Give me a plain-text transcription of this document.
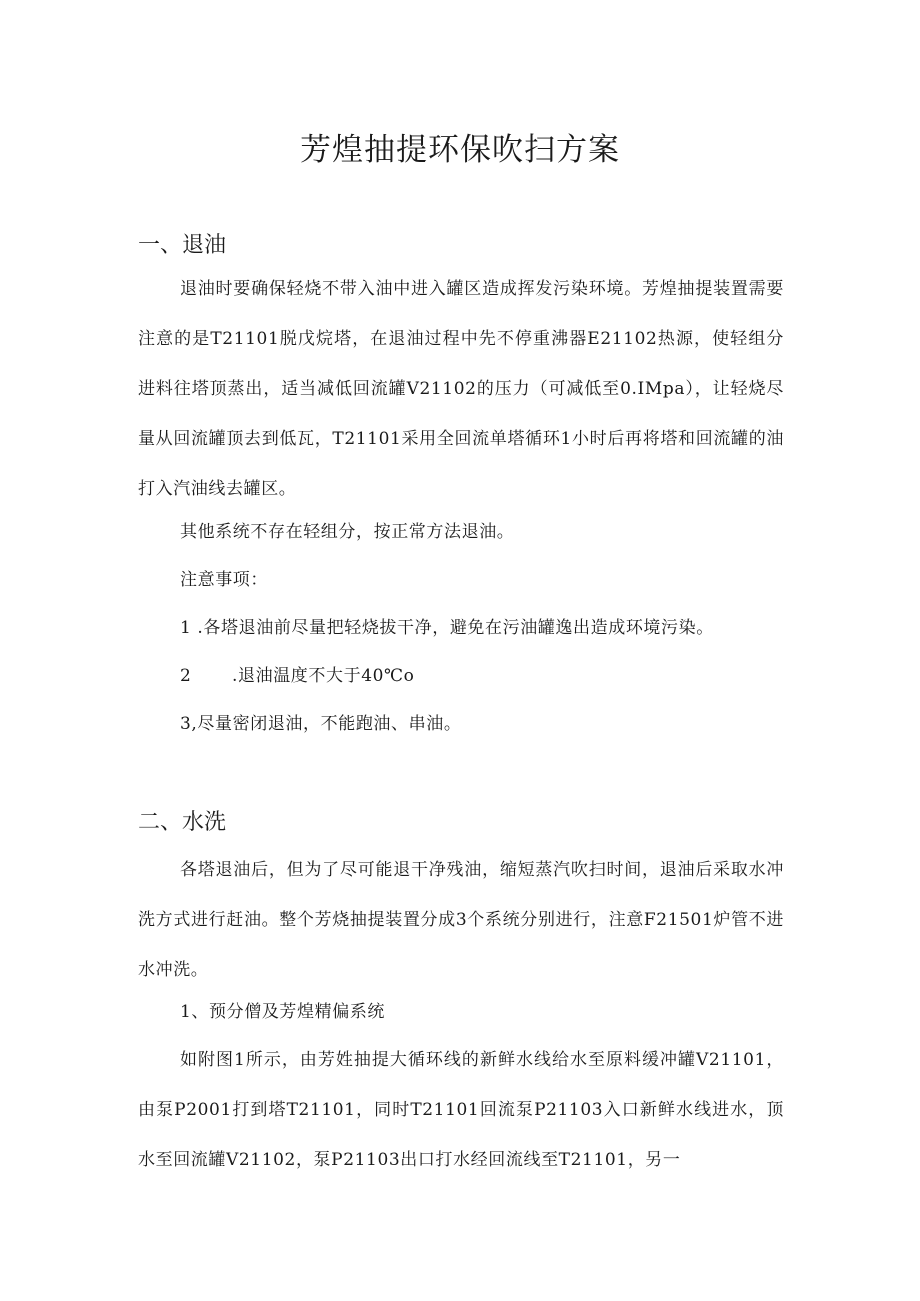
芳煌抽提环保吹扫方案
一、退油

退油时要确保轻烧不带入油中进入罐区造成挥发污染环境。芳煌抽提装置需要注意的是T21101脱戊烷塔，在退油过程中先不停重沸器E21102热源，使轻组分进料往塔顶蒸出，适当减低回流罐V21102的压力（可减低至0.IMpa），让轻烧尽量从回流罐顶去到低瓦，T21101采用全回流单塔循环1小时后再将塔和回流罐的油打入汽油线去罐区。

其他系统不存在轻组分，按正常方法退油。
注意事项：
1 .各塔退油前尽量把轻烧拔干净，避免在污油罐逸出造成环境污染。
2 .退油温度不大于40℃o
3,尽量密闭退油，不能跑油、串油。
二、水洗

各塔退油后，但为了尽可能退干净残油，缩短蒸汽吹扫时间，退油后采取水冲洗方式进行赶油。整个芳烧抽提装置分成3个系统分别进行，注意F21501炉管不进水冲洗。

1、预分僧及芳煌精偏系统

如附图1所示，由芳姓抽提大循环线的新鲜水线给水至原料缓冲罐V21101，由泵P2001打到塔T21101，同时T21101回流泵P21103入口新鲜水线进水，顶水至回流罐V21102，泵P21103出口打水经回流线至T21101，另一
